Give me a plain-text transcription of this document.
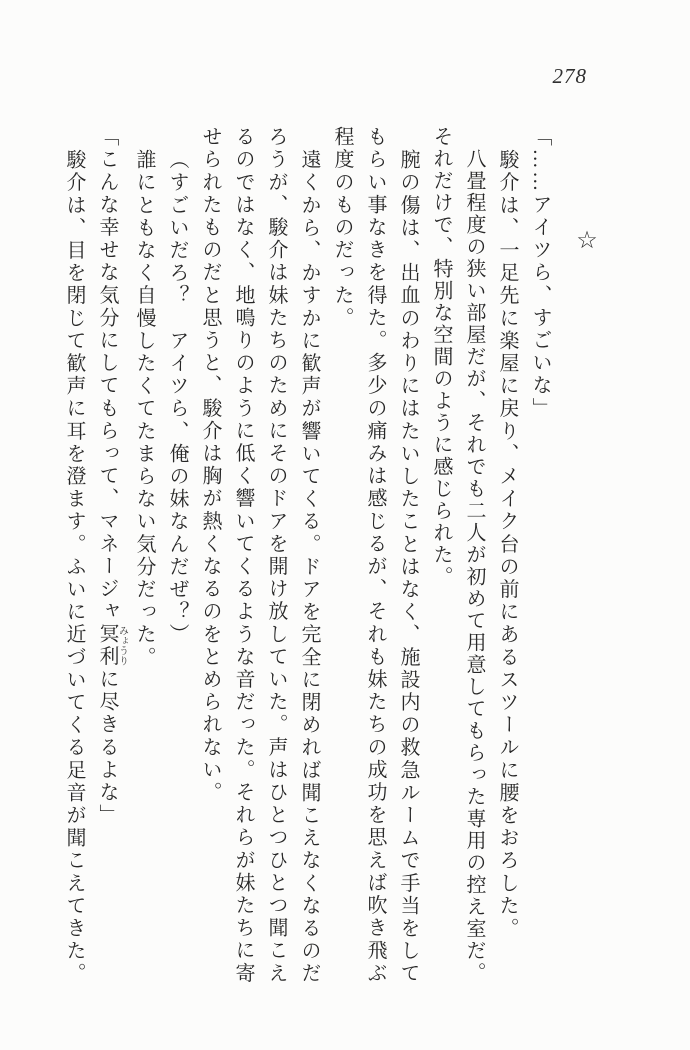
278

☆

「……アイツら、すごいな」

駿介は、一足先に楽屋に戻り、メイク台の前にあるスツールに腰をおろした。

八畳程度の狭い部屋だが、それでも二人が初めて用意してもらった専用の控え室だ。それだけで、特別な空間のように感じられた。

腕の傷は、出血のわりにはたいしたことはなく、施設内の救急ルームで手当をしてもらい事なきを得た。多少の痛みは感じるが、それも妹たちの成功を思えば吹き飛ぶ程度のものだった。

遠くから、かすかに歓声が響いてくる。ドアを完全に閉めれば聞こえなくなるのだろうが、駿介は妹たちのためにそのドアを開け放していた。声はひとつひとつ聞こえるのではなく、地鳴りのように低く響いてくるような音だった。それらが妹たちに寄せられたものだと思うと、駿介は胸が熱くなるのをとめられない。

（すごいだろ？　アイツら、俺の妹なんだぜ？）

誰にともなく自慢したくてたまらない気分だった。

「こんな幸せな気分にしてもらって、マネージャ冥利みょうりに尽きるよな」

駿介は、目を閉じて歓声に耳を澄ます。ふいに近づいてくる足音が聞こえてきた。
